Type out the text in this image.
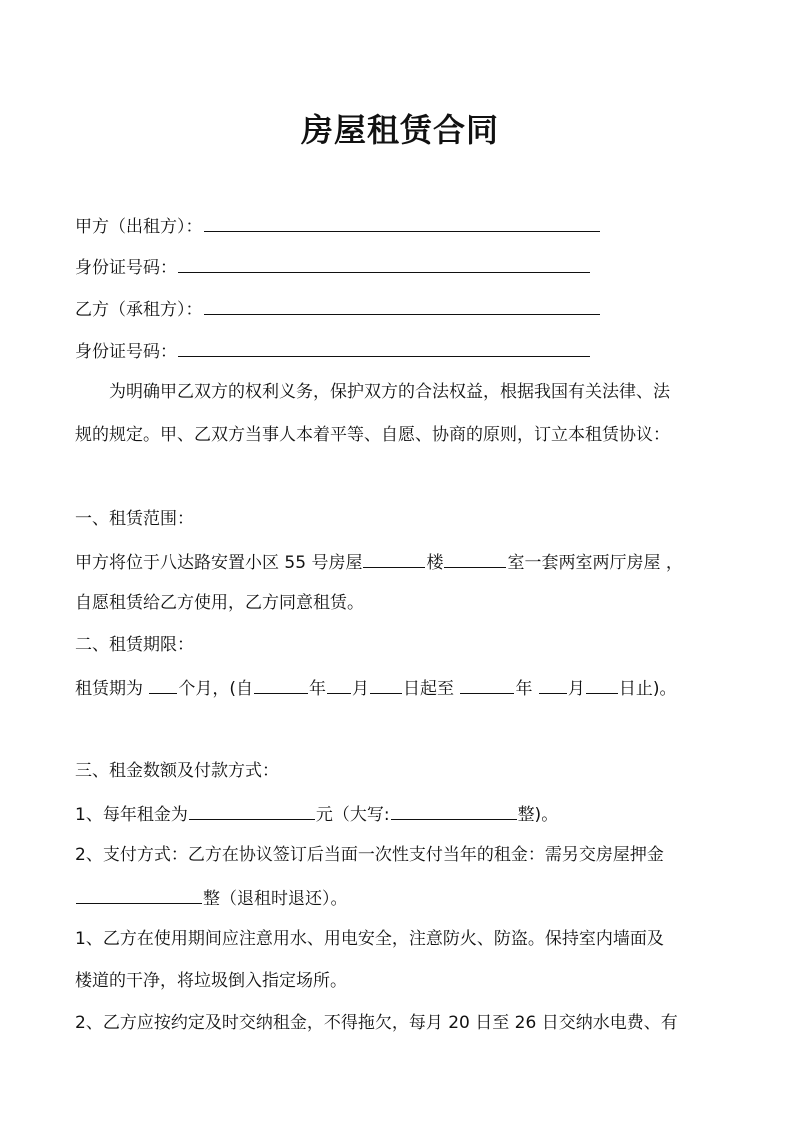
房屋租赁合同
甲方（出租方）：
身份证号码：
乙方（承租方）：
身份证号码：
为明确甲乙双方的权利义务，保护双方的合法权益，根据我国有关法律、法
规的规定。甲、乙双方当事人本着平等、自愿、协商的原则，订立本租赁协议：
一、租赁范围：
甲方将位于八达路安置小区 55 号房屋	楼	室一套两室两厅房屋 ，
自愿租赁给乙方使用，乙方同意租赁。
二、租赁期限：
租赁期为 个月，(自	年 月 日起至	年 月 日止)。
三、租金数额及付款方式：
1、每年租金为	元（大写:	整)。
2、支付方式：乙方在协议签订后当面一次性支付当年的租金：需另交房屋押金
整（退租时退还）。
1、乙方在使用期间应注意用水、用电安全，注意防火、防盗。保持室内墙面及
楼道的干净，将垃圾倒入指定场所。
2、乙方应按约定及时交纳租金，不得拖欠，每月 20 日至 26 日交纳水电费、有
